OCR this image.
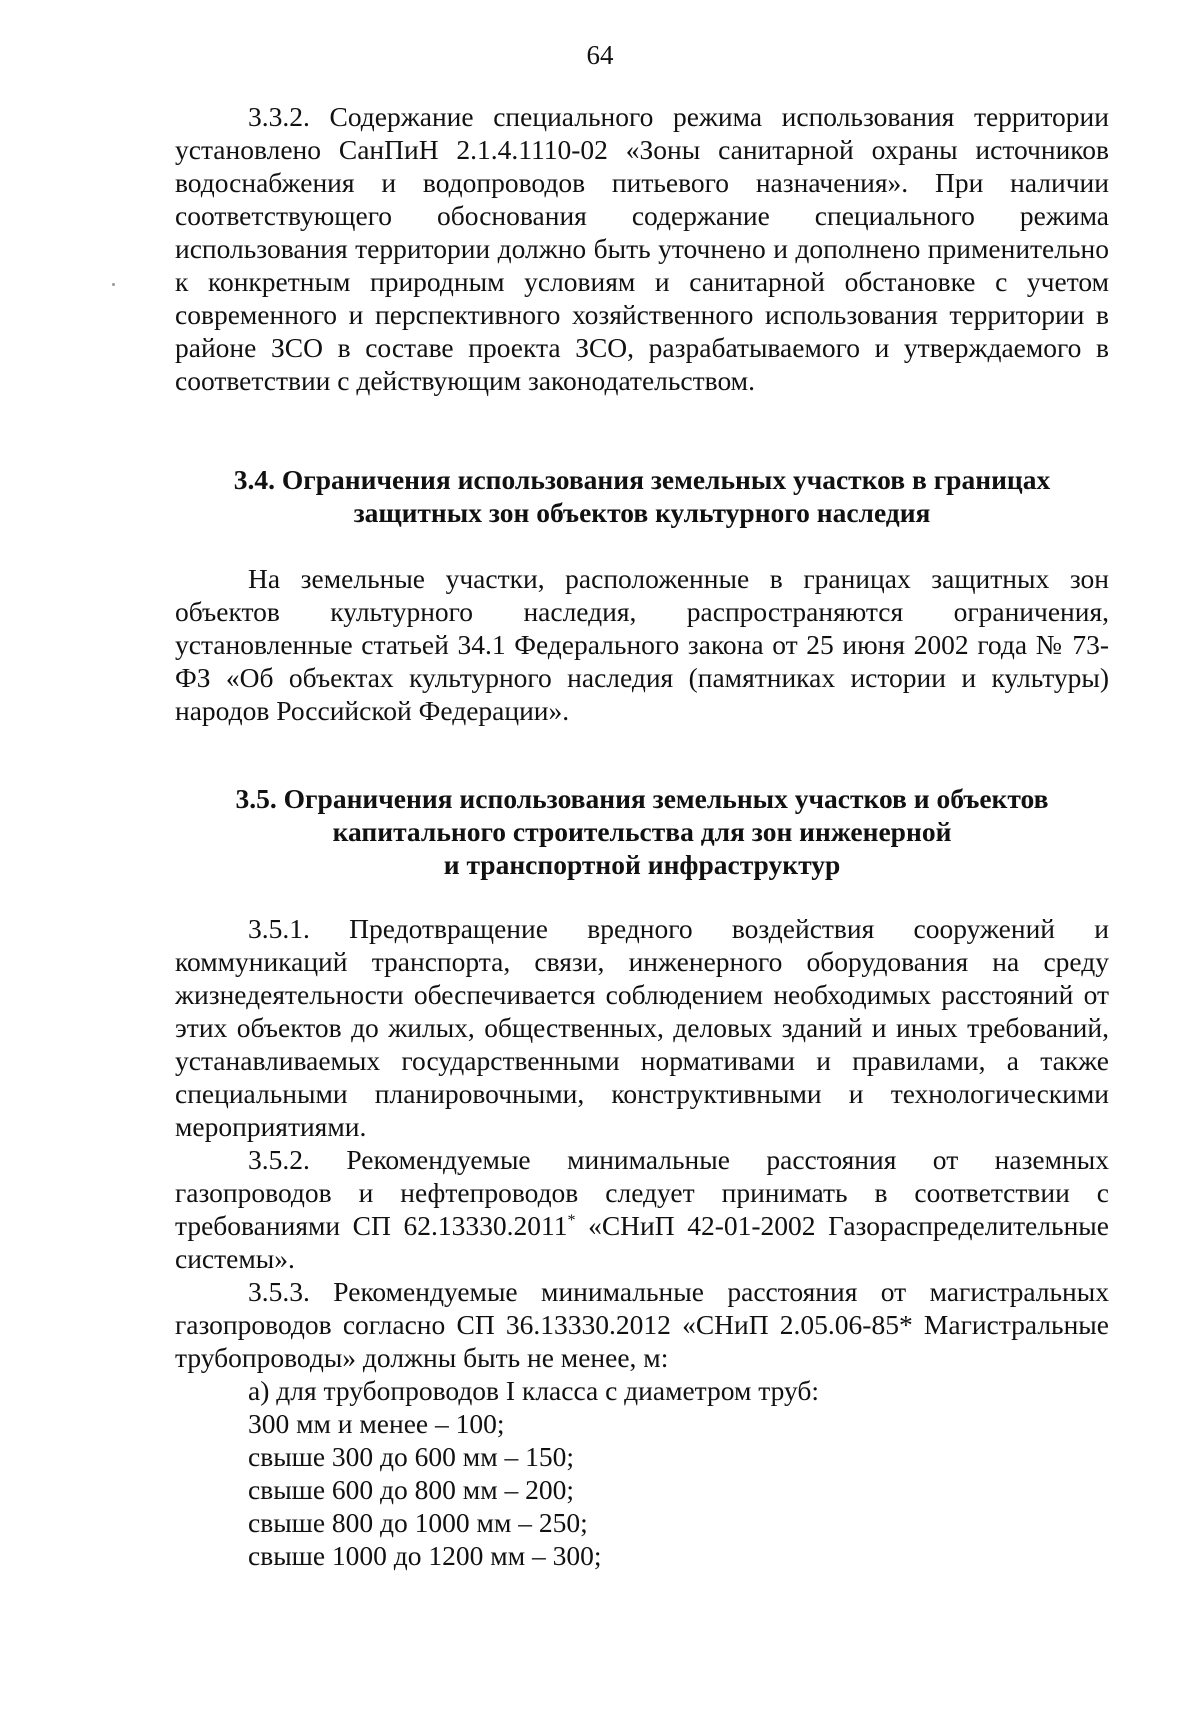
64

3.3.2. Содержание специального режима использования территории установлено СанПиН 2.1.4.1110-02 «Зоны санитарной охраны источников водоснабжения и водопроводов питьевого назначения». При наличии соответствующего обоснования содержание специального режима использования территории должно быть уточнено и дополнено применительно к конкретным природным условиям и санитарной обстановке с учетом современного и перспективного хозяйственного использования территории в районе ЗСО в составе проекта ЗСО, разрабатываемого и утверждаемого в соответствии с действующим законодательством.

3.4. Ограничения использования земельных участков в границах
защитных зон объектов культурного наследия

На земельные участки, расположенные в границах защитных зон объектов культурного наследия, распространяются ограничения, установленные статьей 34.1 Федерального закона от 25 июня 2002 года № 73-ФЗ «Об объектах культурного наследия (памятниках истории и культуры) народов Российской Федерации».

3.5. Ограничения использования земельных участков и объектов
капитального строительства для зон инженерной
и транспортной инфраструктур

3.5.1. Предотвращение вредного воздействия сооружений и коммуникаций транспорта, связи, инженерного оборудования на среду жизнедеятельности обеспечивается соблюдением необходимых расстояний от этих объектов до жилых, общественных, деловых зданий и иных требований, устанавливаемых государственными нормативами и правилами, а также специальными планировочными, конструктивными и технологическими мероприятиями.

3.5.2. Рекомендуемые минимальные расстояния от наземных газопроводов и нефтепроводов следует принимать в соответствии с требованиями СП 62.13330.2011* «СНиП 42-01-2002 Газораспределительные системы».

3.5.3. Рекомендуемые минимальные расстояния от магистральных газопроводов согласно СП 36.13330.2012 «СНиП 2.05.06-85* Магистральные трубопроводы» должны быть не менее, м:

а) для трубопроводов I класса с диаметром труб:

300 мм и менее – 100;

свыше 300 до 600 мм – 150;

свыше 600 до 800 мм – 200;

свыше 800 до 1000 мм – 250;

свыше 1000 до 1200 мм – 300;
